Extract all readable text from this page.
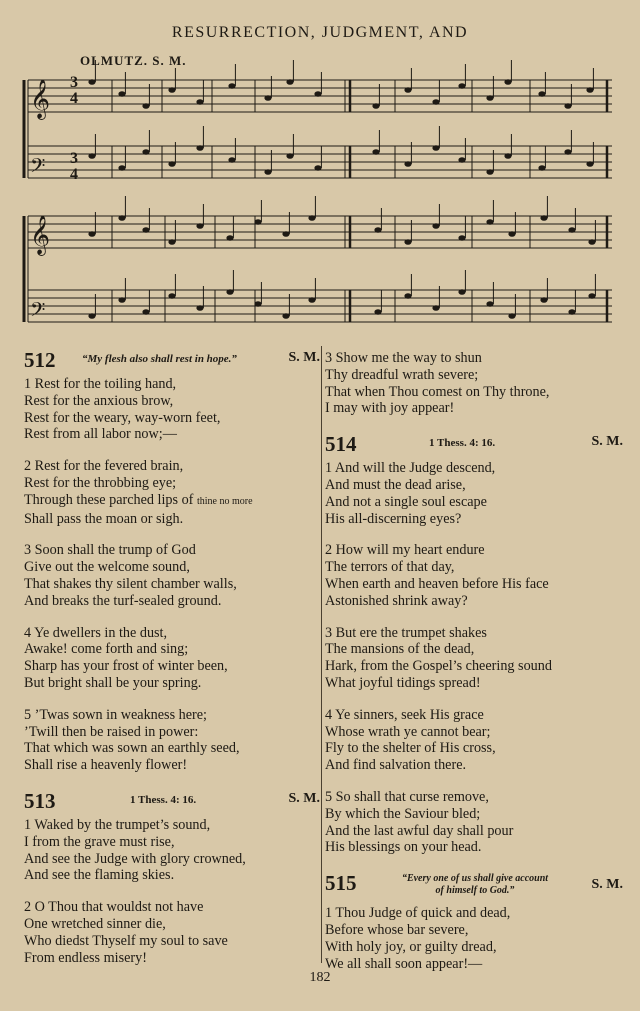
RESURRECTION, JUDGMENT, AND
OLMUTZ. S. M.
𝄞
𝄢
𝄞
𝄢
3
4
3
4
512 “My flesh also shall rest in hope.”	S. M.
1 Rest for the toiling hand,
Rest for the anxious brow,
Rest for the weary, way-worn feet,
Rest from all labor now;—
2 Rest for the fevered brain,
Rest for the throbbing eye;
Through these parched lips of thine no more
Shall pass the moan or sigh.
3 Soon shall the trump of God
Give out the welcome sound,
That shakes thy silent chamber walls,
And breaks the turf-sealed ground.
4 Ye dwellers in the dust,
Awake! come forth and sing;
Sharp has your frost of winter been,
But bright shall be your spring.
5 ’Twas sown in weakness here;
’Twill then be raised in power:
That which was sown an earthly seed,
Shall rise a heavenly flower!
513	1 Thess. 4: 16.	S. M.
1 Waked by the trumpet’s sound,
I from the grave must rise,
And see the Judge with glory crowned,
And see the flaming skies.
2 O Thou that wouldst not have
One wretched sinner die,
Who diedst Thyself my soul to save
From endless misery!
3 Show me the way to shun
Thy dreadful wrath severe;
That when Thou comest on Thy throne,
I may with joy appear!
514	1 Thess. 4: 16.	S. M.
1 And will the Judge descend,
And must the dead arise,
And not a single soul escape
His all-discerning eyes?
2 How will my heart endure
The terrors of that day,
When earth and heaven before His face
Astonished shrink away?
3 But ere the trumpet shakes
The mansions of the dead,
Hark, from the Gospel’s cheering sound
What joyful tidings spread!
4 Ye sinners, seek His grace
Whose wrath ye cannot bear;
Fly to the shelter of His cross,
And find salvation there.
5 So shall that curse remove,
By which the Saviour bled;
And the last awful day shall pour
His blessings on your head.
515	“Every one of us shall give account
of himself to God.”	S. M.
1 Thou Judge of quick and dead,
Before whose bar severe,
With holy joy, or guilty dread,
We all shall soon appear!—
182
